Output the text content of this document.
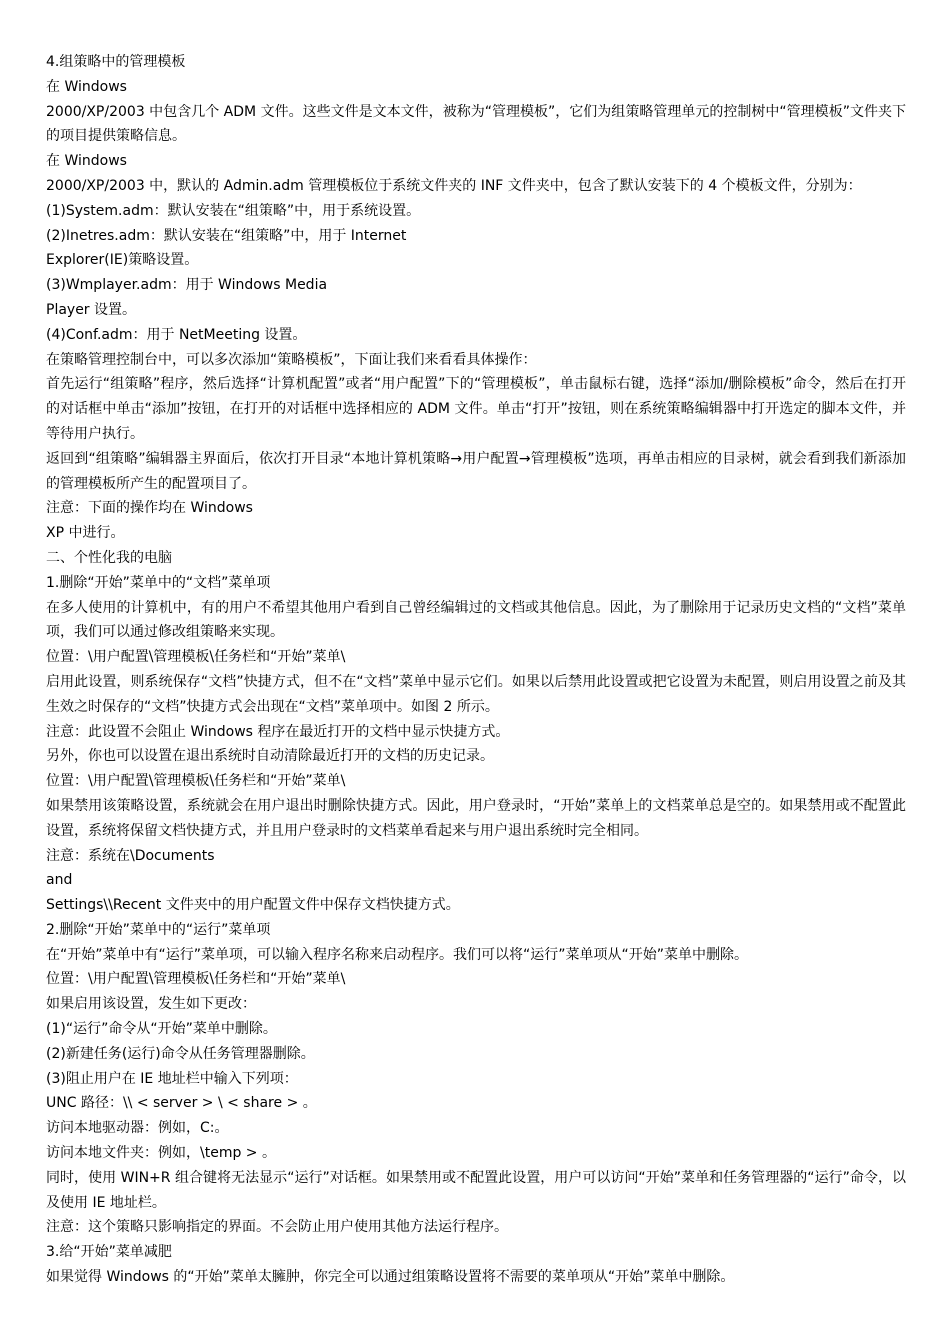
4.组策略中的管理模板

在 Windows

2000/XP/2003 中包含几个 ADM 文件。这些文件是文本文件，被称为“管理模板”，它们为组策略管理单元的控制树中“管理模板”文件夹下的项目提供策略信息。

在 Windows

2000/XP/2003 中，默认的 Admin.adm 管理模板位于系统文件夹的 INF 文件夹中，包含了默认安装下的 4 个模板文件，分别为：

(1)System.adm：默认安装在“组策略”中，用于系统设置。

(2)Inetres.adm：默认安装在“组策略”中，用于 Internet

Explorer(IE)策略设置。

(3)Wmplayer.adm：用于 Windows Media

Player 设置。

(4)Conf.adm：用于 NetMeeting 设置。

在策略管理控制台中，可以多次添加“策略模板”，下面让我们来看看具体操作：

首先运行“组策略”程序，然后选择“计算机配置”或者“用户配置”下的“管理模板”，单击鼠标右键，选择“添加/删除模板”命令，然后在打开的对话框中单击“添加”按钮，在打开的对话框中选择相应的 ADM 文件。单击“打开”按钮，则在系统策略编辑器中打开选定的脚本文件，并等待用户执行。

返回到“组策略”编辑器主界面后，依次打开目录“本地计算机策略→用户配置→管理模板”选项，再单击相应的目录树，就会看到我们新添加的管理模板所产生的配置项目了。

注意：下面的操作均在 Windows

XP 中进行。

二、个性化我的电脑

1.删除“开始”菜单中的“文档”菜单项

在多人使用的计算机中，有的用户不希望其他用户看到自己曾经编辑过的文档或其他信息。因此，为了删除用于记录历史文档的“文档”菜单项，我们可以通过修改组策略来实现。

位置：\用户配置\管理模板\任务栏和“开始”菜单\

启用此设置，则系统保存“文档”快捷方式，但不在“文档”菜单中显示它们。如果以后禁用此设置或把它设置为未配置，则启用设置之前及其生效之时保存的“文档”快捷方式会出现在“文档”菜单项中。如图 2 所示。

注意：此设置不会阻止 Windows 程序在最近打开的文档中显示快捷方式。

另外，你也可以设置在退出系统时自动清除最近打开的文档的历史记录。

位置：\用户配置\管理模板\任务栏和“开始”菜单\

如果禁用该策略设置，系统就会在用户退出时删除快捷方式。因此，用户登录时，“开始”菜单上的文档菜单总是空的。如果禁用或不配置此设置，系统将保留文档快捷方式，并且用户登录时的文档菜单看起来与用户退出系统时完全相同。

注意：系统在\Documents

and

Settings\\Recent 文件夹中的用户配置文件中保存文档快捷方式。

2.删除“开始”菜单中的“运行”菜单项

在“开始”菜单中有“运行”菜单项，可以输入程序名称来启动程序。我们可以将“运行”菜单项从“开始”菜单中删除。

位置：\用户配置\管理模板\任务栏和“开始”菜单\

如果启用该设置，发生如下更改：

(1)“运行”命令从“开始”菜单中删除。

(2)新建任务(运行)命令从任务管理器删除。

(3)阻止用户在 IE 地址栏中输入下列项：

UNC 路径：\\ < server > \ < share > 。

访问本地驱动器：例如，C:。

访问本地文件夹：例如，\temp > 。

同时，使用 WIN+R 组合键将无法显示“运行”对话框。如果禁用或不配置此设置，用户可以访问“开始”菜单和任务管理器的“运行”命令，以及使用 IE 地址栏。

注意：这个策略只影响指定的界面。不会防止用户使用其他方法运行程序。

3.给“开始”菜单减肥

如果觉得 Windows 的“开始”菜单太臃肿，你完全可以通过组策略设置将不需要的菜单项从“开始”菜单中删除。
